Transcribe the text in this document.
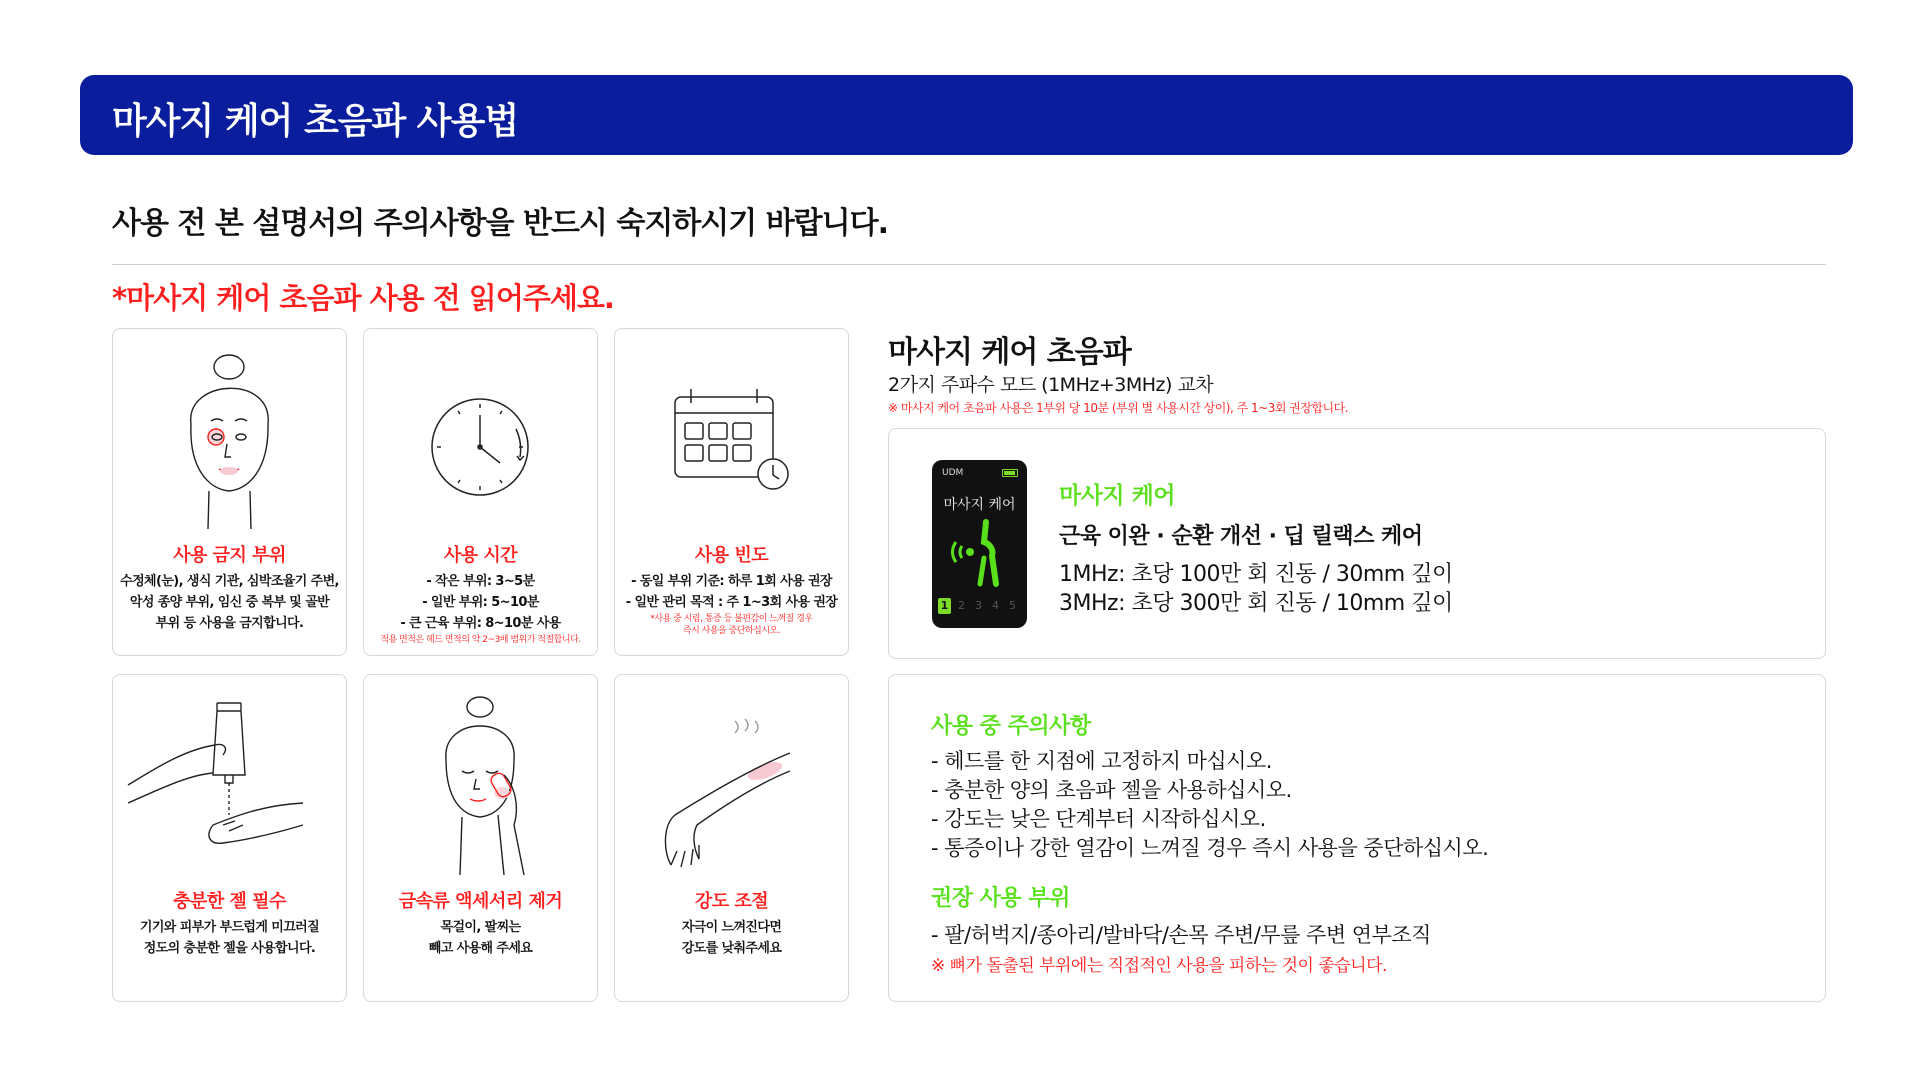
마사지 케어 초음파 사용법
사용 전 본 설명서의 주의사항을 반드시 숙지하시기 바랍니다.
*마사지 케어 초음파 사용 전 읽어주세요.
사용 금지 부위
수정체(눈), 생식 기관, 심박조율기 주변,
악성 종양 부위, 임신 중 복부 및 골반
부위 등 사용을 금지합니다.
사용 시간
- 작은 부위: 3~5분
- 일반 부위: 5~10분
- 큰 근육 부위: 8~10분 사용
적용 면적은 헤드 면적의 약 2~3배 범위가 적절합니다.
사용 빈도
- 동일 부위 기준: 하루 1회 사용 권장
- 일반 관리 목적 : 주 1~3회 사용 권장
*사용 중 시림, 통증 등 불편감이 느껴질 경우
즉시 사용을 중단하십시오.
충분한 젤 필수
기기와 피부가 부드럽게 미끄러질
정도의 충분한 젤을 사용합니다.
금속류 액세서리 제거
목걸이, 팔찌는
빼고 사용해 주세요
강도 조절
자극이 느껴진다면
강도를 낮춰주세요
마사지 케어 초음파
2가지 주파수 모드 (1MHz+3MHz) 교차
※ 마사지 케어 초음파 사용은 1부위 당 10분 (부위 별 사용시간 상이), 주 1~3회 권장합니다.
UDM
마사지 케어
1 2 3 4 5
마사지 케어
근육 이완 · 순환 개선 · 딥 릴랙스 케어
1MHz: 초당 100만 회 진동 / 30mm 깊이
3MHz: 초당 300만 회 진동 / 10mm 깊이
사용 중 주의사항
- 헤드를 한 지점에 고정하지 마십시오.
- 충분한 양의 초음파 젤을 사용하십시오.
- 강도는 낮은 단계부터 시작하십시오.
- 통증이나 강한 열감이 느껴질 경우 즉시 사용을 중단하십시오.
권장 사용 부위
- 팔/허벅지/종아리/발바닥/손목 주변/무릎 주변 연부조직
※ 뼈가 돌출된 부위에는 직접적인 사용을 피하는 것이 좋습니다.
